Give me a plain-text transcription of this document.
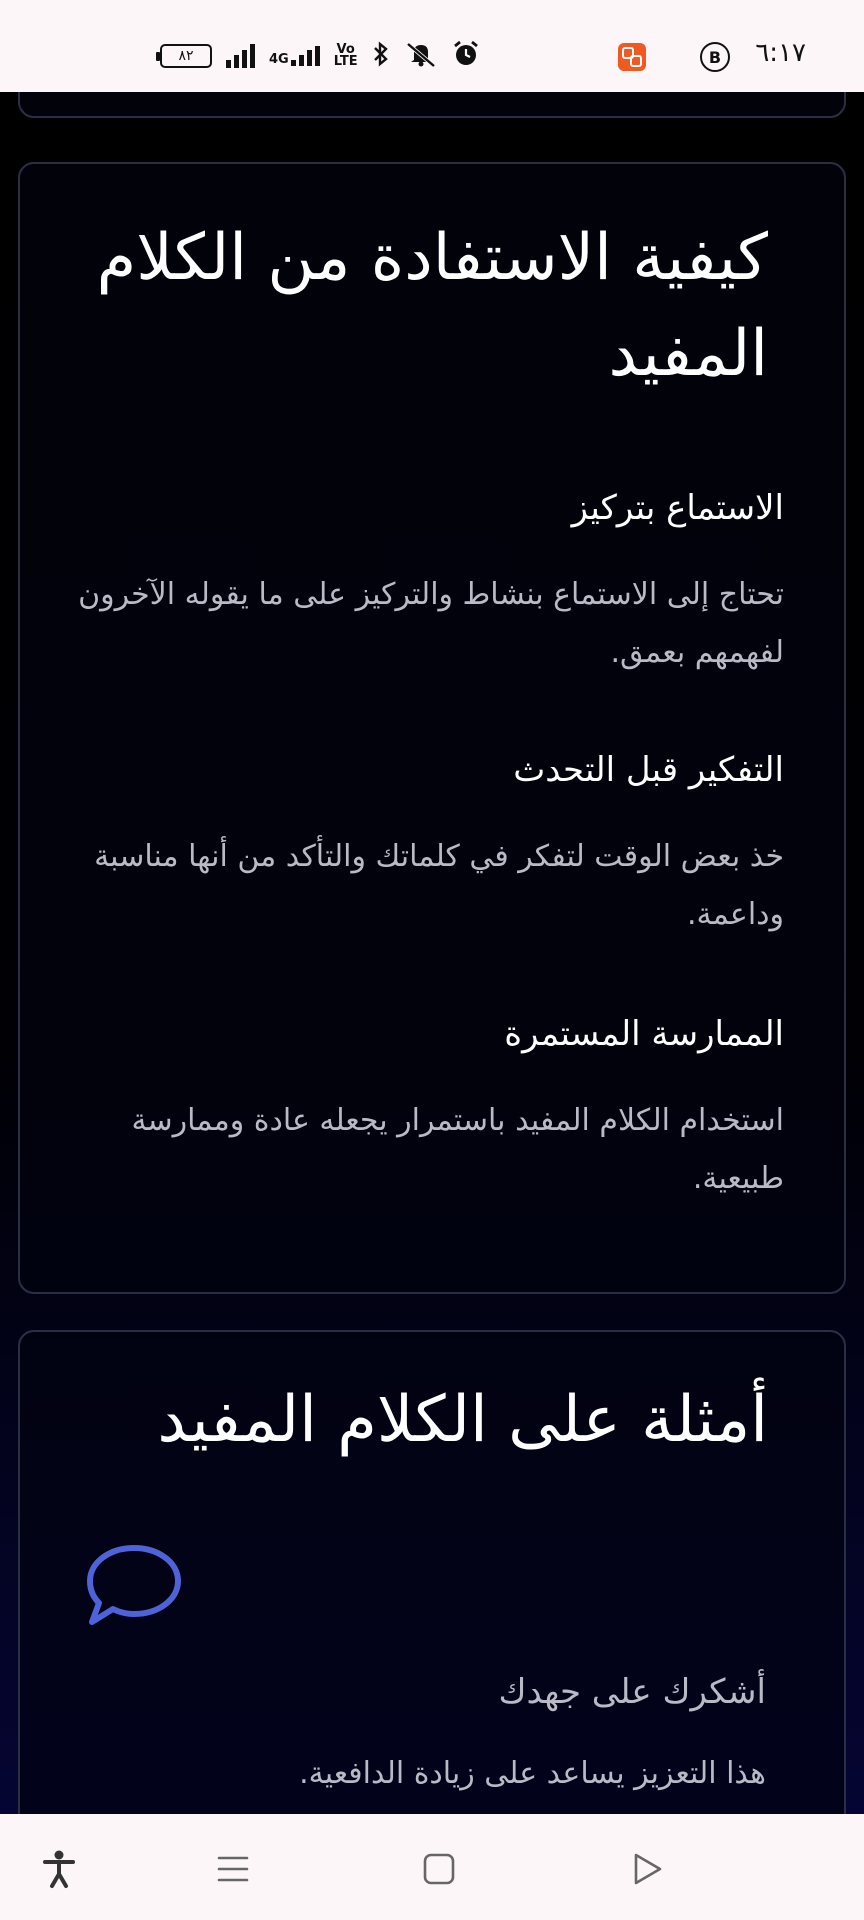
٨٢	4G
Vo
LTE	B ٦:١٧
كيفية الاستفادة من الكلام المفيد
الاستماع بتركيز
تحتاج إلى الاستماع بنشاط والتركيز على ما يقوله الآخرون لفهمهم بعمق.
التفكير قبل التحدث
خذ بعض الوقت لتفكر في كلماتك والتأكد من أنها مناسبة وداعمة.
الممارسة المستمرة
استخدام الكلام المفيد باستمرار يجعله عادة وممارسة طبيعية.
أمثلة على الكلام المفيد
أشكرك على جهدك
هذا التعزيز يساعد على زيادة الدافعية.
